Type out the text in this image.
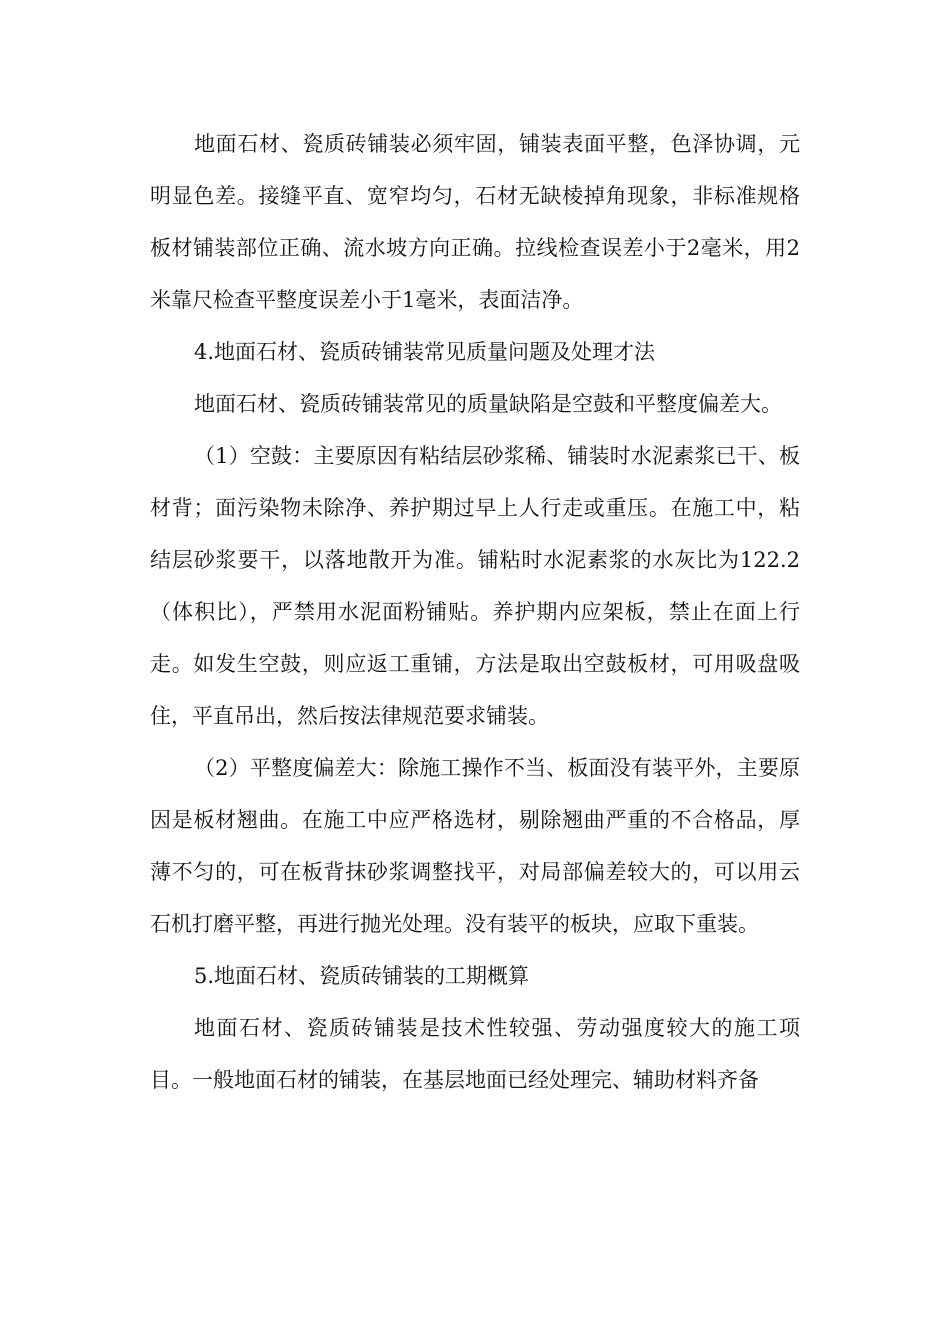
地面石材、瓷质砖铺装必须牢固，铺装表面平整，色泽协调，元明显色差。接缝平直、宽窄均匀，石材无缺棱掉角现象，非标准规格板材铺装部位正确、流水坡方向正确。拉线检查误差小于2毫米，用2米靠尺检查平整度误差小于1毫米，表面洁净。

4.地面石材、瓷质砖铺装常见质量问题及处理才法

地面石材、瓷质砖铺装常见的质量缺陷是空鼓和平整度偏差大。

（1）空鼓：主要原因有粘结层砂浆稀、铺装时水泥素浆已干、板材背；面污染物未除净、养护期过早上人行走或重压。在施工中，粘结层砂浆要干，以落地散开为准。铺粘时水泥素浆的水灰比为122.2（体积比），严禁用水泥面粉铺贴。养护期内应架板，禁止在面上行走。如发生空鼓，则应返工重铺，方法是取出空鼓板材，可用吸盘吸住，平直吊出，然后按法律规范要求铺装。

（2）平整度偏差大：除施工操作不当、板面没有装平外，主要原因是板材翘曲。在施工中应严格选材，剔除翘曲严重的不合格品，厚薄不匀的，可在板背抹砂浆调整找平，对局部偏差较大的，可以用云石机打磨平整，再进行抛光处理。没有装平的板块，应取下重装。

5.地面石材、瓷质砖铺装的工期概算

地面石材、瓷质砖铺装是技术性较强、劳动强度较大的施工项目。一般地面石材的铺装，在基层地面已经处理完、辅助材料齐备
